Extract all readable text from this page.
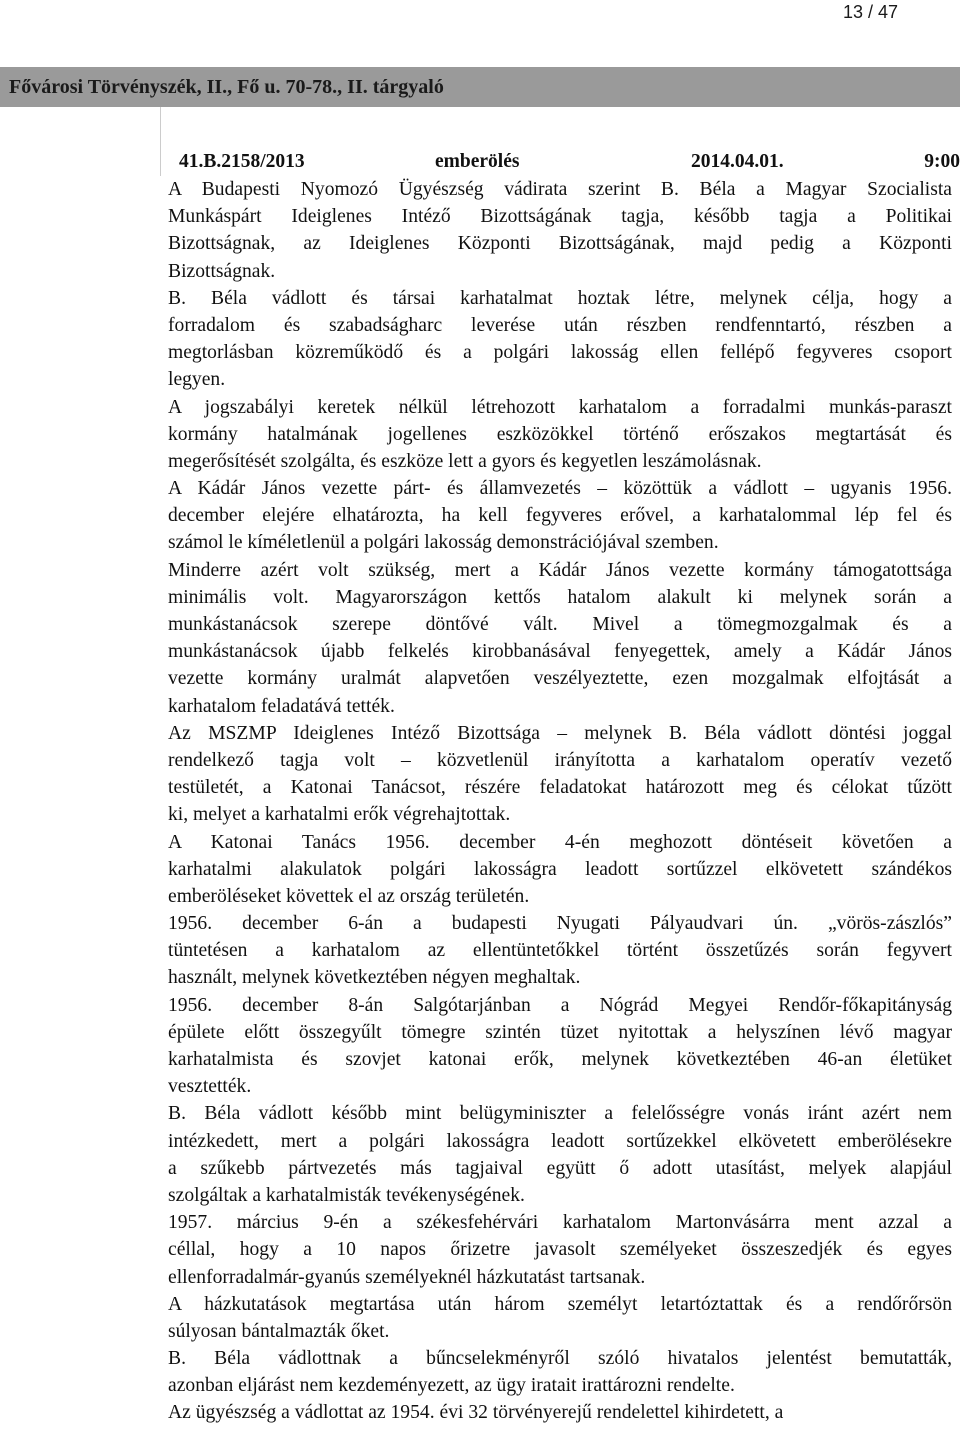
13 / 47
Fővárosi Törvényszék, II., Fő u. 70-78., II. tárgyaló
41.B.2158/2013	emberölés	2014.04.01.	9:00

A Budapesti Nyomozó Ügyészség vádirata szerint B. Béla a Magyar Szocialista
Munkáspárt Ideiglenes Intéző Bizottságának tagja, később tagja a Politikai
Bizottságnak, az Ideiglenes Központi Bizottságának, majd pedig a Központi
Bizottságnak.

B. Béla vádlott és társai karhatalmat hoztak létre, melynek célja, hogy a
forradalom és szabadságharc leverése után részben rendfenntartó, részben a
megtorlásban közreműködő és a polgári lakosság ellen fellépő fegyveres csoport
legyen.

A jogszabályi keretek nélkül létrehozott karhatalom a forradalmi munkás-paraszt
kormány hatalmának jogellenes eszközökkel történő erőszakos megtartását és
megerősítését szolgálta, és eszköze lett a gyors és kegyetlen leszámolásnak.

A Kádár János vezette párt- és államvezetés – közöttük a vádlott – ugyanis 1956.
december elejére elhatározta, ha kell fegyveres erővel, a karhatalommal lép fel és
számol le kíméletlenül a polgári lakosság demonstrációjával szemben.

Minderre azért volt szükség, mert a Kádár János vezette kormány támogatottsága
minimális volt. Magyarországon kettős hatalom alakult ki melynek során a
munkástanácsok szerepe döntővé vált. Mivel a tömegmozgalmak és a
munkástanácsok újabb felkelés kirobbanásával fenyegettek, amely a Kádár János
vezette kormány uralmát alapvetően veszélyeztette, ezen mozgalmak elfojtását a
karhatalom feladatává tették.

Az MSZMP Ideiglenes Intéző Bizottsága – melynek B. Béla vádlott döntési joggal
rendelkező tagja volt – közvetlenül irányította a karhatalom operatív vezető
testületét, a Katonai Tanácsot, részére feladatokat határozott meg és célokat tűzött
ki, melyet a karhatalmi erők végrehajtottak.

A Katonai Tanács 1956. december 4-én meghozott döntéseit követően a
karhatalmi alakulatok polgári lakosságra leadott sortűzzel elkövetett szándékos
emberöléseket követtek el az ország területén.

1956. december 6-án a budapesti Nyugati Pályaudvari ún. „vörös-zászlós”
tüntetésen a karhatalom az ellentüntetőkkel történt összetűzés során fegyvert
használt, melynek következtében négyen meghaltak.

1956. december 8-án Salgótarjánban a Nógrád Megyei Rendőr-főkapitányság
épülete előtt összegyűlt tömegre szintén tüzet nyitottak a helyszínen lévő magyar
karhatalmista és szovjet katonai erők, melynek következtében 46-an életüket
vesztették.

B. Béla vádlott később mint belügyminiszter a felelősségre vonás iránt azért nem
intézkedett, mert a polgári lakosságra leadott sortűzekkel elkövetett emberölésekre
a szűkebb pártvezetés más tagjaival együtt ő adott utasítást, melyek alapjául
szolgáltak a karhatalmisták tevékenységének.

1957. március 9-én a székesfehérvári karhatalom Martonvásárra ment azzal a
céllal, hogy a 10 napos őrizetre javasolt személyeket összeszedjék és egyes
ellenforradalmár-gyanús személyeknél házkutatást tartsanak.

A házkutatások megtartása után három személyt letartóztattak és a rendőrőrsön
súlyosan bántalmazták őket.

B. Béla vádlottnak a bűncselekményről szóló hivatalos jelentést bemutatták,
azonban eljárást nem kezdeményezett, az ügy iratait irattározni rendelte.

Az ügyészség a vádlottat az 1954. évi 32 törvényerejű rendelettel kihirdetett, a
